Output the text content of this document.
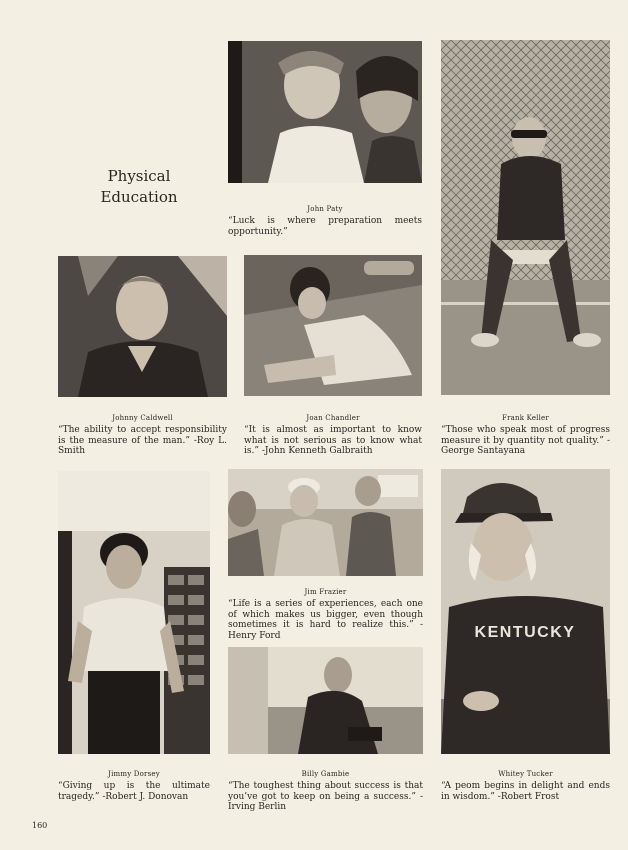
Physical
Education
John Paty
“Luck is where preparation meets opportunity.”
Frank Keller
“Those who speak most of progress measure it by quantity not quality.” -George Santayana
Johnny Caldwell
“The ability to accept responsibility is the measure of the man.” -Roy L. Smith
Joan Chandler
“It is almost as important to know what is not serious as to know what is.” -John Kenneth Galbraith
Jimmy Dorsey
“Giving up is the ultimate tragedy.” -Robert J. Donovan
Jim Frazier
“Life is a series of experiences, each one of which makes us bigger, even though sometimes it is hard to realize this.” -Henry Ford
Billy Gambie
“The toughest thing about success is that you’ve got to keep on being a success.” -Irving Berlin
KENTUCKY
Whitey Tucker
“A peom begins in delight and ends in wisdom.” -Robert Frost
160
